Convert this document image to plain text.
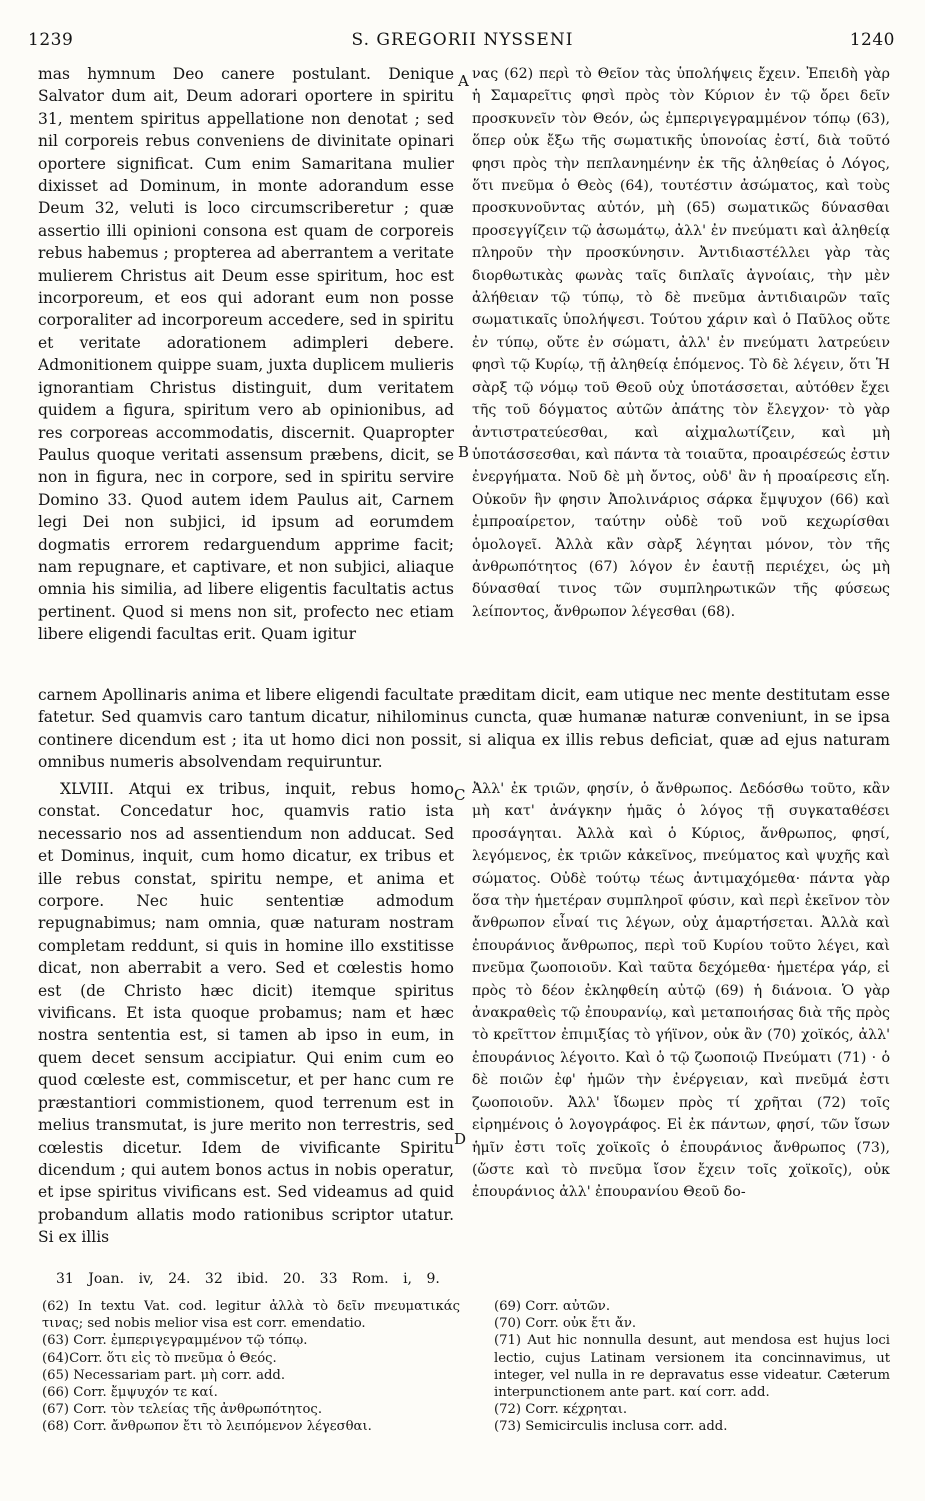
1239	S. GREGORII NYSSENI	1240
A
B
C
D

mas hymnum Deo canere postulant. Denique Salvator dum ait, Deum adorari oportere in spiritu 31, mentem spiritus appellatione non denotat ; sed nil corporeis rebus conveniens de divinitate opinari oportere significat. Cum enim Samaritana mulier dixisset ad Dominum, in monte adorandum esse Deum 32, veluti is loco circumscriberetur ; quæ assertio illi opinioni consona est quam de corporeis rebus habemus ; propterea ad aberrantem a veritate mulierem Christus ait Deum esse spiritum, hoc est incorporeum, et eos qui adorant eum non posse corporaliter ad incorporeum accedere, sed in spiritu et veritate adorationem adimpleri debere. Admonitionem quippe suam, juxta duplicem mulieris ignorantiam Christus distinguit, dum veritatem quidem a figura, spiritum vero ab opinionibus, ad res corporeas accommodatis, discernit. Quapropter Paulus quoque veritati assensum præbens, dicit, se non in figura, nec in corpore, sed in spiritu servire Domino 33. Quod autem idem Paulus ait, Carnem legi Dei non subjici, id ipsum ad eorumdem dogmatis errorem redarguendum apprime facit; nam repugnare, et captivare, et non subjici, aliaque omnia his similia, ad libere eligentis facultatis actus pertinent. Quod si mens non sit, profecto nec etiam libere eligendi facultas erit. Quam igitur

νας (62) περὶ τὸ Θεῖον τὰς ὑπολήψεις ἔχειν. Ἐπειδὴ γὰρ ἡ Σαμαρεῖτις φησὶ πρὸς τὸν Κύριον ἐν τῷ ὄρει δεῖν προσκυνεῖν τὸν Θεόν, ὡς ἐμπεριγεγραμμένον τόπῳ (63), ὅπερ οὐκ ἔξω τῆς σωματικῆς ὑπονοίας ἐστί, διὰ τοῦτό φησι πρὸς τὴν πεπλανημένην ἐκ τῆς ἀληθείας ὁ Λόγος, ὅτι πνεῦμα ὁ Θεὸς (64), τουτέστιν ἀσώματος, καὶ τοὺς προσκυνοῦντας αὐτόν, μὴ (65) σωματικῶς δύνασθαι προσεγγίζειν τῷ ἀσωμάτῳ, ἀλλ' ἐν πνεύματι καὶ ἀληθείᾳ πληροῦν τὴν προσκύνησιν. Ἀντιδιαστέλλει γὰρ τὰς διορθωτικὰς φωνὰς ταῖς διπλαῖς ἀγνοίαις, τὴν μὲν ἀλήθειαν τῷ τύπῳ, τὸ δὲ πνεῦμα ἀντιδιαιρῶν ταῖς σωματικαῖς ὑπολήψεσι. Τούτου χάριν καὶ ὁ Παῦλος οὔτε ἐν τύπῳ, οὔτε ἐν σώματι, ἀλλ' ἐν πνεύματι λατρεύειν φησὶ τῷ Κυρίῳ, τῇ ἀληθείᾳ ἑπόμενος. Τὸ δὲ λέγειν, ὅτι Ἡ σὰρξ τῷ νόμῳ τοῦ Θεοῦ οὐχ ὑποτάσσεται, αὐτόθεν ἔχει τῆς τοῦ δόγματος αὐτῶν ἀπάτης τὸν ἔλεγχον· τὸ γὰρ ἀντιστρατεύεσθαι, καὶ αἰχμαλωτίζειν, καὶ μὴ ὑποτάσσεσθαι, καὶ πάντα τὰ τοιαῦτα, προαιρέσεώς ἐστιν ἐνεργήματα. Νοῦ δὲ μὴ ὄντος, οὐδ' ἂν ἡ προαίρεσις εἴη. Οὐκοῦν ἣν φησιν Ἀπολινάριος σάρκα ἔμψυχον (66) καὶ ἐμπροαίρετον, ταύτην οὐδὲ τοῦ νοῦ κεχωρίσθαι ὁμολογεῖ. Ἀλλὰ κἂν σὰρξ λέγηται μόνον, τὸν τῆς ἀνθρωπότητος (67) λόγον ἐν ἑαυτῇ περιέχει, ὡς μὴ δύνασθαί τινος τῶν συμπληρωτικῶν τῆς φύσεως λείποντος, ἄνθρωπον λέγεσθαι (68).

carnem Apollinaris anima et libere eligendi facultate præditam dicit, eam utique nec mente destitutam esse fatetur. Sed quamvis caro tantum dicatur, nihilominus cuncta, quæ humanæ naturæ conveniunt, in se ipsa continere dicendum est ; ita ut homo dici non possit, si aliqua ex illis rebus deficiat, quæ ad ejus naturam omnibus numeris absolvendam requiruntur.

XLVIII. Atqui ex tribus, inquit, rebus homo constat. Concedatur hoc, quamvis ratio ista necessario nos ad assentiendum non adducat. Sed et Dominus, inquit, cum homo dicatur, ex tribus et ille rebus constat, spiritu nempe, et anima et corpore. Nec huic sententiæ admodum repugnabimus; nam omnia, quæ naturam nostram completam reddunt, si quis in homine illo exstitisse dicat, non aberrabit a vero. Sed et cœlestis homo est (de Christo hæc dicit) itemque spiritus vivificans. Et ista quoque probamus; nam et hæc nostra sententia est, si tamen ab ipso in eum, in quem decet sensum accipiatur. Qui enim cum eo quod cœleste est, commiscetur, et per hanc cum re præstantiori commistionem, quod terrenum est in melius transmutat, is jure merito non terrestris, sed cœlestis dicetur. Idem de vivificante Spiritu dicendum ; qui autem bonos actus in nobis operatur, et ipse spiritus vivificans est. Sed videamus ad quid probandum allatis modo rationibus scriptor utatur. Si ex illis

Ἀλλ' ἐκ τριῶν, φησίν, ὁ ἄνθρωπος. Δεδόσθω τοῦτο, κἂν μὴ κατ' ἀνάγκην ἡμᾶς ὁ λόγος τῇ συγκαταθέσει προσάγηται. Ἀλλὰ καὶ ὁ Κύριος, ἄνθρωπος, φησί, λεγόμενος, ἐκ τριῶν κἀκεῖνος, πνεύματος καὶ ψυχῆς καὶ σώματος. Οὐδὲ τούτῳ τέως ἀντιμαχόμεθα· πάντα γὰρ ὅσα τὴν ἡμετέραν συμπληροῖ φύσιν, καὶ περὶ ἐκεῖνον τὸν ἄνθρωπον εἶναί τις λέγων, οὐχ ἁμαρτήσεται. Ἀλλὰ καὶ ἐπουράνιος ἄνθρωπος, περὶ τοῦ Κυρίου τοῦτο λέγει, καὶ πνεῦμα ζωοποιοῦν. Καὶ ταῦτα δεχόμεθα· ἡμετέρα γάρ, εἰ πρὸς τὸ δέον ἐκληφθείη αὐτῷ (69) ἡ διάνοια. Ὁ γὰρ ἀνακραθεὶς τῷ ἐπουρανίῳ, καὶ μεταποιήσας διὰ τῆς πρὸς τὸ κρεῖττον ἐπιμιξίας τὸ γήϊνον, οὐκ ἂν (70) χοϊκός, ἀλλ' ἐπουράνιος λέγοιτο. Καὶ ὁ τῷ ζωοποιῷ Πνεύματι (71) · ὁ δὲ ποιῶν ἐφ' ἡμῶν τὴν ἐνέργειαν, καὶ πνεῦμά ἐστι ζωοποιοῦν. Ἀλλ' ἴδωμεν πρὸς τί χρῆται (72) τοῖς εἰρημένοις ὁ λογογράφος. Εἰ ἐκ πάντων, φησί, τῶν ἴσων ἡμῖν ἐστι τοῖς χοϊκοῖς ὁ ἐπουράνιος ἄνθρωπος (73), (ὥστε καὶ τὸ πνεῦμα ἴσον ἔχειν τοῖς χοϊκοῖς), οὐκ ἐπουράνιος ἀλλ' ἐπουρανίου Θεοῦ δο-

31 Joan. iv, 24. 32 ibid. 20. 33 Rom. i, 9.

(62) In textu Vat. cod. legitur ἀλλὰ τὸ δεῖν πνευματικάς τινας; sed nobis melior visa est corr. emendatio.

(63) Corr. ἐμπεριγεγραμμένον τῷ τόπῳ.

(64)Corr. ὅτι εἰς τὸ πνεῦμα ὁ Θεός.

(65) Necessariam part. μὴ corr. add.

(66) Corr. ἔμψυχόν τε καί.

(67) Corr. τὸν τελείας τῆς ἀνθρωπότητος.

(68) Corr. ἄνθρωπον ἔτι τὸ λειπόμενον λέγεσθαι.

(69) Corr. αὐτῶν.

(70) Corr. οὐκ ἔτι ἄν.

(71) Aut hic nonnulla desunt, aut mendosa est hujus loci lectio, cujus Latinam versionem ita concinnavimus, ut integer, vel nulla in re depravatus esse videatur. Cæterum interpunctionem ante part. καί corr. add.

(72) Corr. κέχρηται.

(73) Semicirculis inclusa corr. add.
